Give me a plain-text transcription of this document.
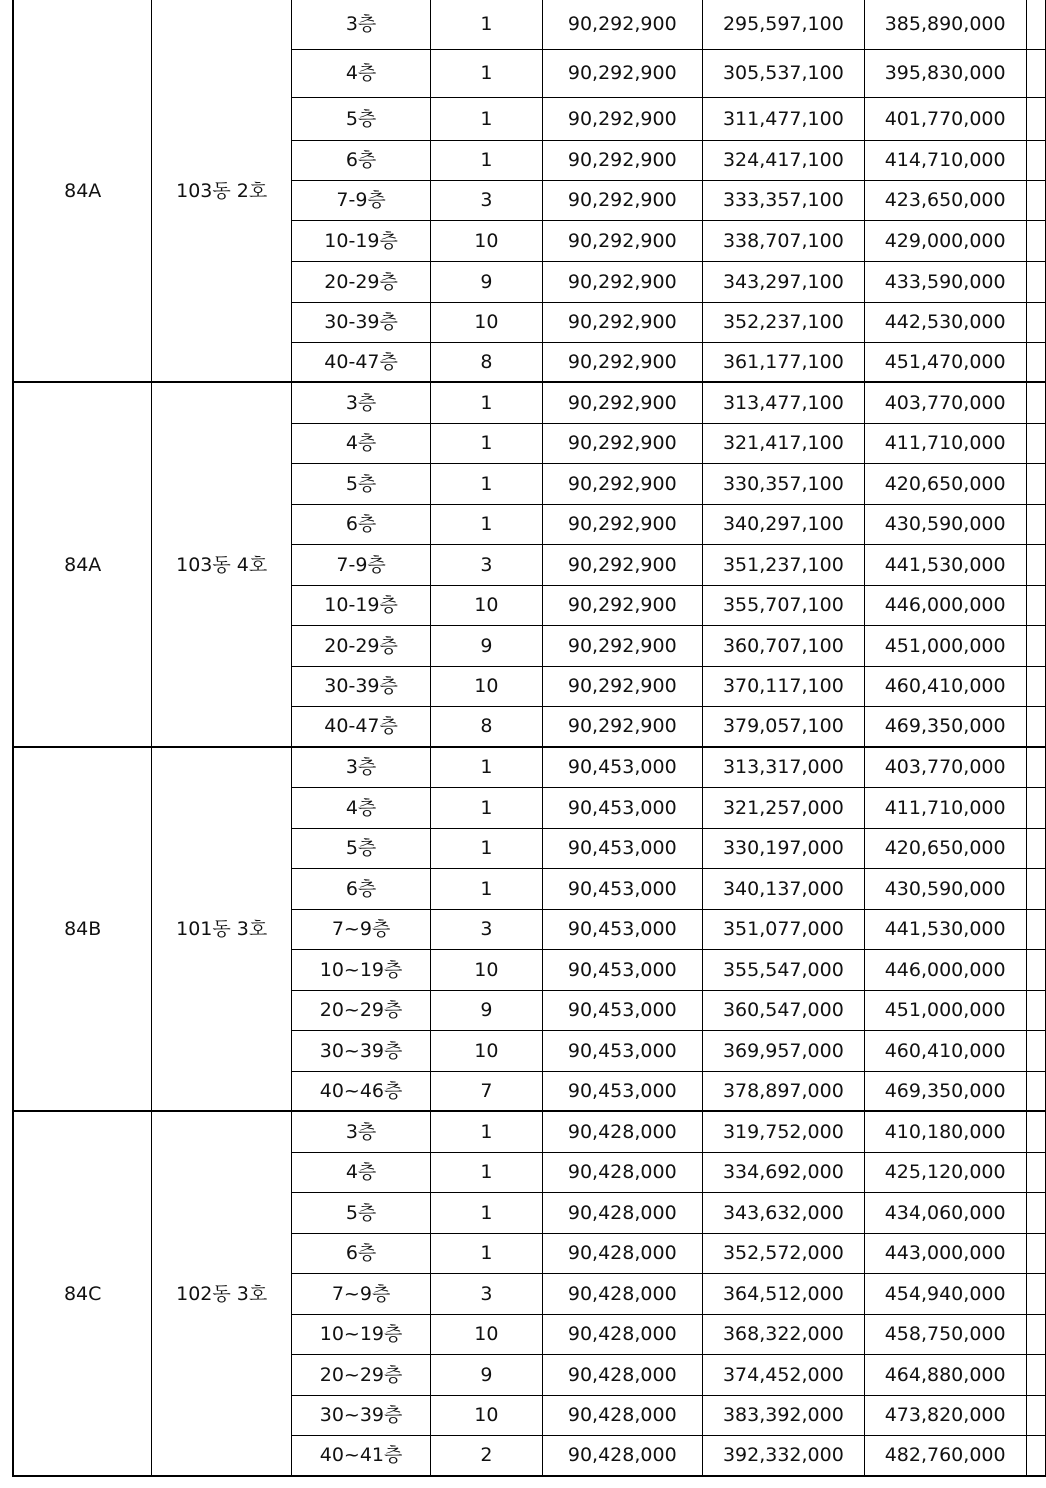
84A	103동 2호	3층	1	90,292,900	295,597,100	385,890,000	
		4층	1	90,292,900	305,537,100	395,830,000	
		5층	1	90,292,900	311,477,100	401,770,000	
		6층	1	90,292,900	324,417,100	414,710,000	
		7-9층	3	90,292,900	333,357,100	423,650,000	
		10-19층	10	90,292,900	338,707,100	429,000,000	
		20-29층	9	90,292,900	343,297,100	433,590,000	
		30-39층	10	90,292,900	352,237,100	442,530,000	
		40-47층	8	90,292,900	361,177,100	451,470,000	
84A	103동 4호	3층	1	90,292,900	313,477,100	403,770,000	
		4층	1	90,292,900	321,417,100	411,710,000	
		5층	1	90,292,900	330,357,100	420,650,000	
		6층	1	90,292,900	340,297,100	430,590,000	
		7-9층	3	90,292,900	351,237,100	441,530,000	
		10-19층	10	90,292,900	355,707,100	446,000,000	
		20-29층	9	90,292,900	360,707,100	451,000,000	
		30-39층	10	90,292,900	370,117,100	460,410,000	
		40-47층	8	90,292,900	379,057,100	469,350,000	
84B	101동 3호	3층	1	90,453,000	313,317,000	403,770,000	
		4층	1	90,453,000	321,257,000	411,710,000	
		5층	1	90,453,000	330,197,000	420,650,000	
		6층	1	90,453,000	340,137,000	430,590,000	
		7~9층	3	90,453,000	351,077,000	441,530,000	
		10~19층	10	90,453,000	355,547,000	446,000,000	
		20~29층	9	90,453,000	360,547,000	451,000,000	
		30~39층	10	90,453,000	369,957,000	460,410,000	
		40~46층	7	90,453,000	378,897,000	469,350,000	
84C	102동 3호	3층	1	90,428,000	319,752,000	410,180,000	
		4층	1	90,428,000	334,692,000	425,120,000	
		5층	1	90,428,000	343,632,000	434,060,000	
		6층	1	90,428,000	352,572,000	443,000,000	
		7~9층	3	90,428,000	364,512,000	454,940,000	
		10~19층	10	90,428,000	368,322,000	458,750,000	
		20~29층	9	90,428,000	374,452,000	464,880,000	
		30~39층	10	90,428,000	383,392,000	473,820,000	
		40~41층	2	90,428,000	392,332,000	482,760,000	
